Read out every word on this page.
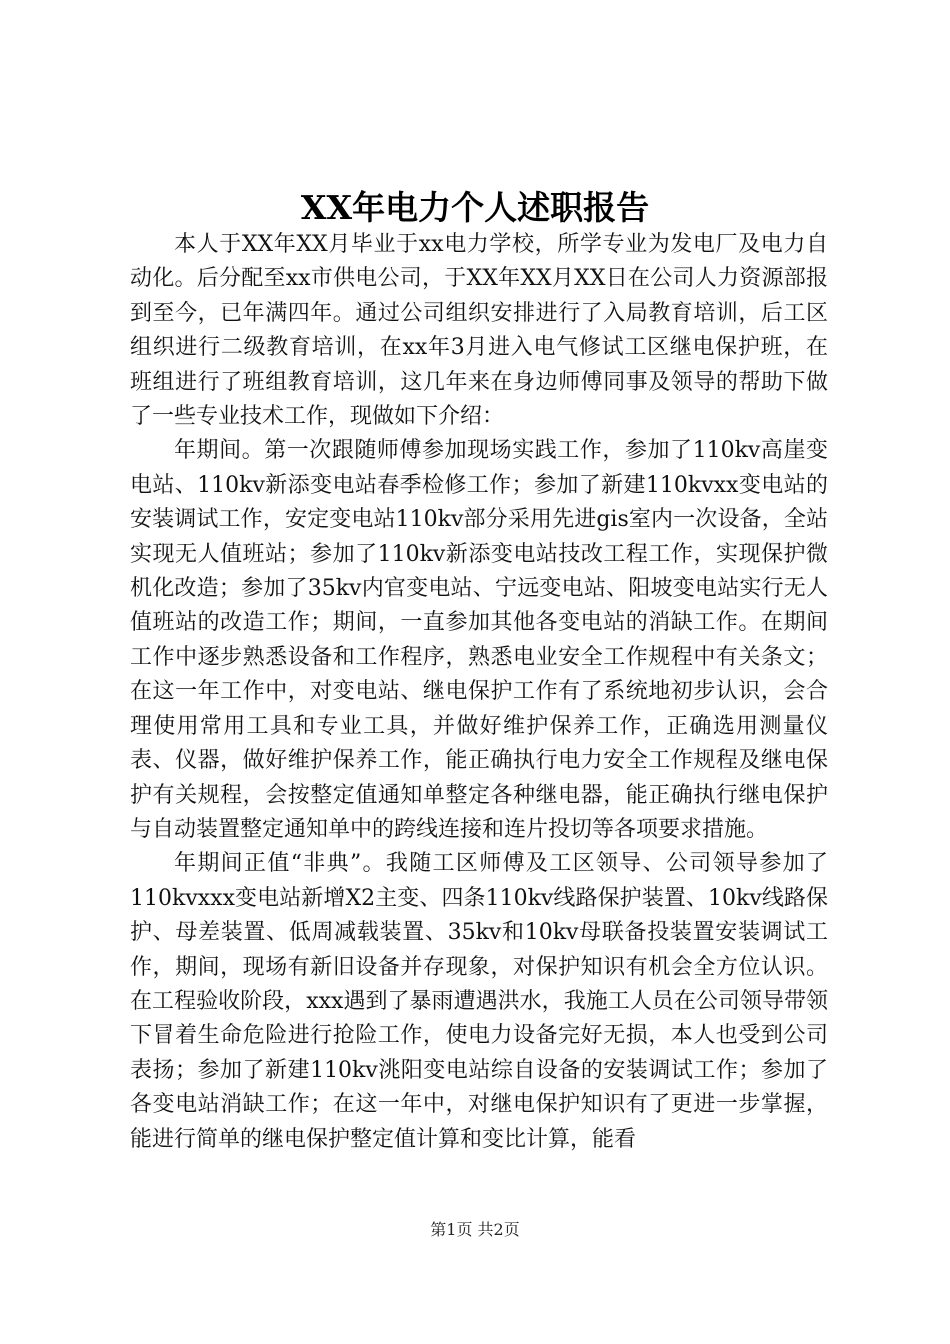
XX年电力个人述职报告

本人于XX年XX月毕业于xx电力学校，所学专业为发电厂及电力自动化。后分配至xx市供电公司，于XX年XX月XX日在公司人力资源部报到至今，已年满四年。通过公司组织安排进行了入局教育培训，后工区组织进行二级教育培训，在xx年3月进入电气修试工区继电保护班，在班组进行了班组教育培训，这几年来在身边师傅同事及领导的帮助下做了一些专业技术工作，现做如下介绍：

年期间。第一次跟随师傅参加现场实践工作，参加了110kv高崖变电站、110kv新添变电站春季检修工作；参加了新建110kvxx变电站的安装调试工作，安定变电站110kv部分采用先进gis室内一次设备，全站实现无人值班站；参加了110kv新添变电站技改工程工作，实现保护微机化改造；参加了35kv内官变电站、宁远变电站、阳坡变电站实行无人值班站的改造工作；期间，一直参加其他各变电站的消缺工作。在期间工作中逐步熟悉设备和工作程序，熟悉电业安全工作规程中有关条文；在这一年工作中，对变电站、继电保护工作有了系统地初步认识，会合理使用常用工具和专业工具，并做好维护保养工作，正确选用测量仪表、仪器，做好维护保养工作，能正确执行电力安全工作规程及继电保护有关规程，会按整定值通知单整定各种继电器，能正确执行继电保护与自动装置整定通知单中的跨线连接和连片投切等各项要求措施。

年期间正值“非典”。我随工区师傅及工区领导、公司领导参加了110kvxxx变电站新增X2主变、四条110kv线路保护装置、10kv线路保护、母差装置、低周减载装置、35kv和10kv母联备投装置安装调试工作，期间，现场有新旧设备并存现象，对保护知识有机会全方位认识。在工程验收阶段，xxx遇到了暴雨遭遇洪水，我施工人员在公司领导带领下冒着生命危险进行抢险工作，使电力设备完好无损，本人也受到公司表扬；参加了新建110kv洮阳变电站综自设备的安装调试工作；参加了各变电站消缺工作；在这一年中，对继电保护知识有了更进一步掌握，能进行简单的继电保护整定值计算和变比计算，能看

第1页 共2页
